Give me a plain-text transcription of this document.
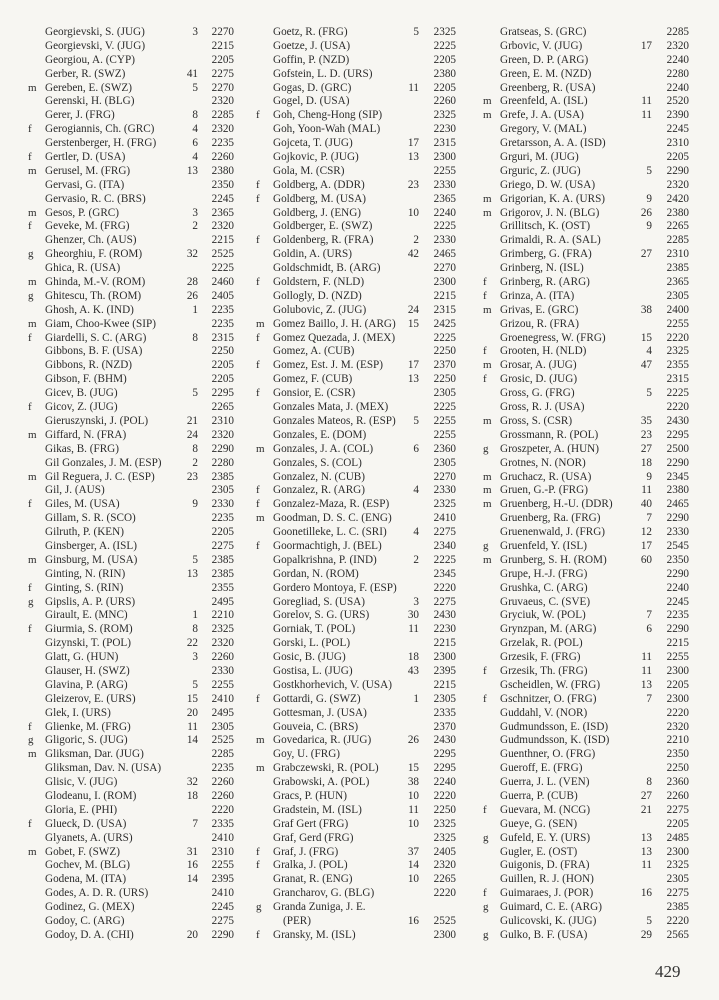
Georgievski, S. (JUG)	3	2270
Georgievski, V. (JUG)	2215
Georgiou, A. (CYP)	2205
Gerber, R. (SWZ)	41	2275
m Gereben, E. (SWZ)	5	2270
Gerenski, H. (BLG)	2320
Gerer, J. (FRG)	8	2285
f	Gerogiannis, Ch. (GRC)	4	2320
Gerstenberger, H. (FRG)	6	2235
f	Gertler, D. (USA)	4	2260
m Gerusel, M. (FRG)	13	2380
Gervasi, G. (ITA)	2350
Gervasio, R. C. (BRS)	2245
m Gesos, P. (GRC)	3	2365
f	Geveke, M. (FRG)	2	2320
Ghenzer, Ch. (AUS)	2215
g	Gheorghiu, F. (ROM)	32	2525
Ghica, R. (USA)	2225
m Ghinda, M.-V. (ROM)	28	2460
g	Ghitescu, Th. (ROM)	26	2405
Ghosh, A. K. (IND)	1	2235
m Giam, Choo-Kwee (SIP)	2235
f	Giardelli, S. C. (ARG)	8	2315
Gibbons, B. F. (USA)	2250
Gibbons, R. (NZD)	2205
Gibson, F. (BHM)	2205
Gicev, B. (JUG)	5	2295
f	Gicov, Z. (JUG)	2265
Gieruszynski, J. (POL)	21	2310
m Giffard, N. (FRA)	24	2320
Gikas, B. (FRG)	8	2290
Gil Gonzales, J. M. (ESP)	2	2280
m Gil Reguera, J. C. (ESP)	23	2385
Gil, J. (AUS)	2305
f	Giles, M. (USA)	9	2330
Gillam, S. R. (SCO)	2235
Gilruth, P. (KEN)	2205
Ginsberger, A. (ISL)	2275
m Ginsburg, M. (USA)	5	2385
Ginting, N. (RIN)	13	2385
f	Ginting, S. (RIN)	2355
g	Gipslis, A. P. (URS)	2495
Girault, E. (MNC)	1	2210
f	Giurmia, S. (ROM)	8	2325
Gizynski, T. (POL)	22	2320
Glatt, G. (HUN)	3	2260
Glauser, H. (SWZ)	2330
Glavina, P. (ARG)	5	2255
Gleizerov, E. (URS)	15	2410
Glek, I. (URS)	20	2495
f	Glienke, M. (FRG)	11	2305
g	Gligoric, S. (JUG)	14	2525
m Gliksman, Dar. (JUG)	2285
Gliksman, Dav. N. (USA)	2235
Glisic, V. (JUG)	32	2260
Glodeanu, I. (ROM)	18	2260
Gloria, E. (PHI)	2220
f	Glueck, D. (USA)	7	2335
Glyanets, A. (URS)	2410
m Gobet, F. (SWZ)	31	2310
Gochev, M. (BLG)	16	2255
Godena, M. (ITA)	14	2395
Godes, A. D. R. (URS)	2410
Godinez, G. (MEX)	2245
Godoy, C. (ARG)	2275
Godoy, D. A. (CHI)	20	2290
Goetz, R. (FRG)	5	2325
Goetze, J. (USA)	2225
Goffin, P. (NZD)	2205
Gofstein, L. D. (URS)	2380
Gogas, D. (GRC)	11	2205
Gogel, D. (USA)	2260
f	Goh, Cheng-Hong (SIP)	2325
Goh, Yoon-Wah (MAL)	2230
Gojceta, T. (JUG)	17	2315
Gojkovic, P. (JUG)	13	2300
Gola, M. (CSR)	2255
f	Goldberg, A. (DDR)	23	2330
f	Goldberg, M. (USA)	2365
Goldberg, J. (ENG)	10	2240
Goldberger, E. (SWZ)	2225
f	Goldenberg, R. (FRA)	2	2330
Goldin, A. (URS)	42	2465
Goldschmidt, B. (ARG)	2270
f	Goldstern, F. (NLD)	2300
Gollogly, D. (NZD)	2215
Golubovic, Z. (JUG)	24	2315
m Gomez Baillo, J. H. (ARG)	15	2425
f	Gomez Quezada, J. (MEX)	2225
Gomez, A. (CUB)	2250
f	Gomez, Est. J. M. (ESP)	17	2370
Gomez, F. (CUB)	13	2250
f	Gonsior, E. (CSR)	2305
Gonzales Mata, J. (MEX)	2225
Gonzales Mateos, R. (ESP)	5	2255
Gonzales, E. (DOM)	2255
m Gonzales, J. A. (COL)	6	2360
Gonzales, S. (COL)	2305
Gonzalez, N. (CUB)	2270
f	Gonzalez, R. (ARG)	4	2330
f	Gonzalez-Maza, R. (ESP)	2325
m Goodman, D. S. C. (ENG)	2410
Goonetilleke, L. C. (SRI)	4	2275
f	Goormachtigh, J. (BEL)	2340
Gopalkrishna, P. (IND)	2	2225
Gordan, N. (ROM)	2345
Gordero Montoya, F. (ESP)	2220
Goregliad, S. (USA)	3	2275
Gorelov, S. G. (URS)	30	2430
Gorniak, T. (POL)	11	2230
Gorski, L. (POL)	2215
Gosic, B. (JUG)	18	2300
Gostisa, L. (JUG)	43	2395
Gostkhorhevich, V. (USA)	2215
f	Gottardi, G. (SWZ)	1	2305
Gottesman, J. (USA)	2335
Gouveia, C. (BRS)	2370
m Govedarica, R. (JUG)	26	2430
Goy, U. (FRG)	2295
m Grabczewski, R. (POL)	15	2295
Grabowski, A. (POL)	38	2240
Gracs, P. (HUN)	10	2220
Gradstein, M. (ISL)	11	2250
Graf Gert (FRG)	10	2325
Graf, Gerd (FRG)	2325
f	Graf, J. (FRG)	37	2405
f	Gralka, J. (POL)	14	2320
Granat, R. (ENG)	10	2265
Grancharov, G. (BLG)	2220
g	Granda Zuniga, J. E.
(PER)	16	2525
f	Gransky, M. (ISL)	2300
Gratseas, S. (GRC)	2285
Grbovic, V. (JUG)	17	2320
Green, D. P. (ARG)	2240
Green, E. M. (NZD)	2280
Greenberg, R. (USA)	2240
m Greenfeld, A. (ISL)	11	2520
m Grefe, J. A. (USA)	11	2390
Gregory, V. (MAL)	2245
Gretarsson, A. A. (ISD)	2310
Grguri, M. (JUG)	2205
Grguric, Z. (JUG)	5	2290
Griego, D. W. (USA)	2320
m Grigorian, K. A. (URS)	9	2420
m Grigorov, J. N. (BLG)	26	2380
Grillitsch, K. (OST)	9	2265
Grimaldi, R. A. (SAL)	2285
Grimberg, G. (FRA)	27	2310
Grinberg, N. (ISL)	2385
f	Grinberg, R. (ARG)	2365
f	Grinza, A. (ITA)	2305
m Grivas, E. (GRC)	38	2400
Grizou, R. (FRA)	2255
Groenegress, W. (FRG)	15	2220
f	Grooten, H. (NLD)	4	2325
m Grosar, A. (JUG)	47	2355
f	Grosic, D. (JUG)	2315
Gross, G. (FRG)	5	2225
Gross, R. J. (USA)	2220
m Gross, S. (CSR)	35	2430
Grossmann, R. (POL)	23	2295
g	Groszpeter, A. (HUN)	27	2500
Grotnes, N. (NOR)	18	2290
m Gruchacz, R. (USA)	9	2345
m Gruen, G.-P. (FRG)	11	2380
m Gruenberg, H.-U. (DDR)	40	2465
Gruenberg, Ra. (FRG)	7	2290
Gruenenwald, J. (FRG)	12	2330
g	Gruenfeld, Y. (ISL)	17	2545
m Grunberg, S. H. (ROM)	60	2350
Grupe, H.-J. (FRG)	2290
Grushka, C. (ARG)	2240
Gruvaeus, C. (SVE)	2245
Gryciuk, W. (POL)	7	2235
Grynzpan, M. (ARG)	6	2290
Grzelak, R. (POL)	2215
Grzesik, F. (FRG)	11	2255
f	Grzesik, Th. (FRG)	11	2300
Gscheidlen, W. (FRG)	13	2205
f	Gschnitzer, O. (FRG)	7	2300
Guddahl, V. (NOR)	2220
Gudmundsson, E. (ISD)	2320
Gudmundsson, K. (ISD)	2210
Guenthner, O. (FRG)	2350
Gueroff, E. (FRG)	2250
Guerra, J. L. (VEN)	8	2360
Guerra, P. (CUB)	27	2260
f	Guevara, M. (NCG)	21	2275
Gueye, G. (SEN)	2205
g	Gufeld, E. Y. (URS)	13	2485
Gugler, E. (OST)	13	2300
Guigonis, D. (FRA)	11	2325
Guillen, R. J. (HON)	2305
f	Guimaraes, J. (POR)	16	2275
g	Guimard, C. E. (ARG)	2385
Gulicovski, K. (JUG)	5	2220
g	Gulko, B. F. (USA)	29	2565
429
